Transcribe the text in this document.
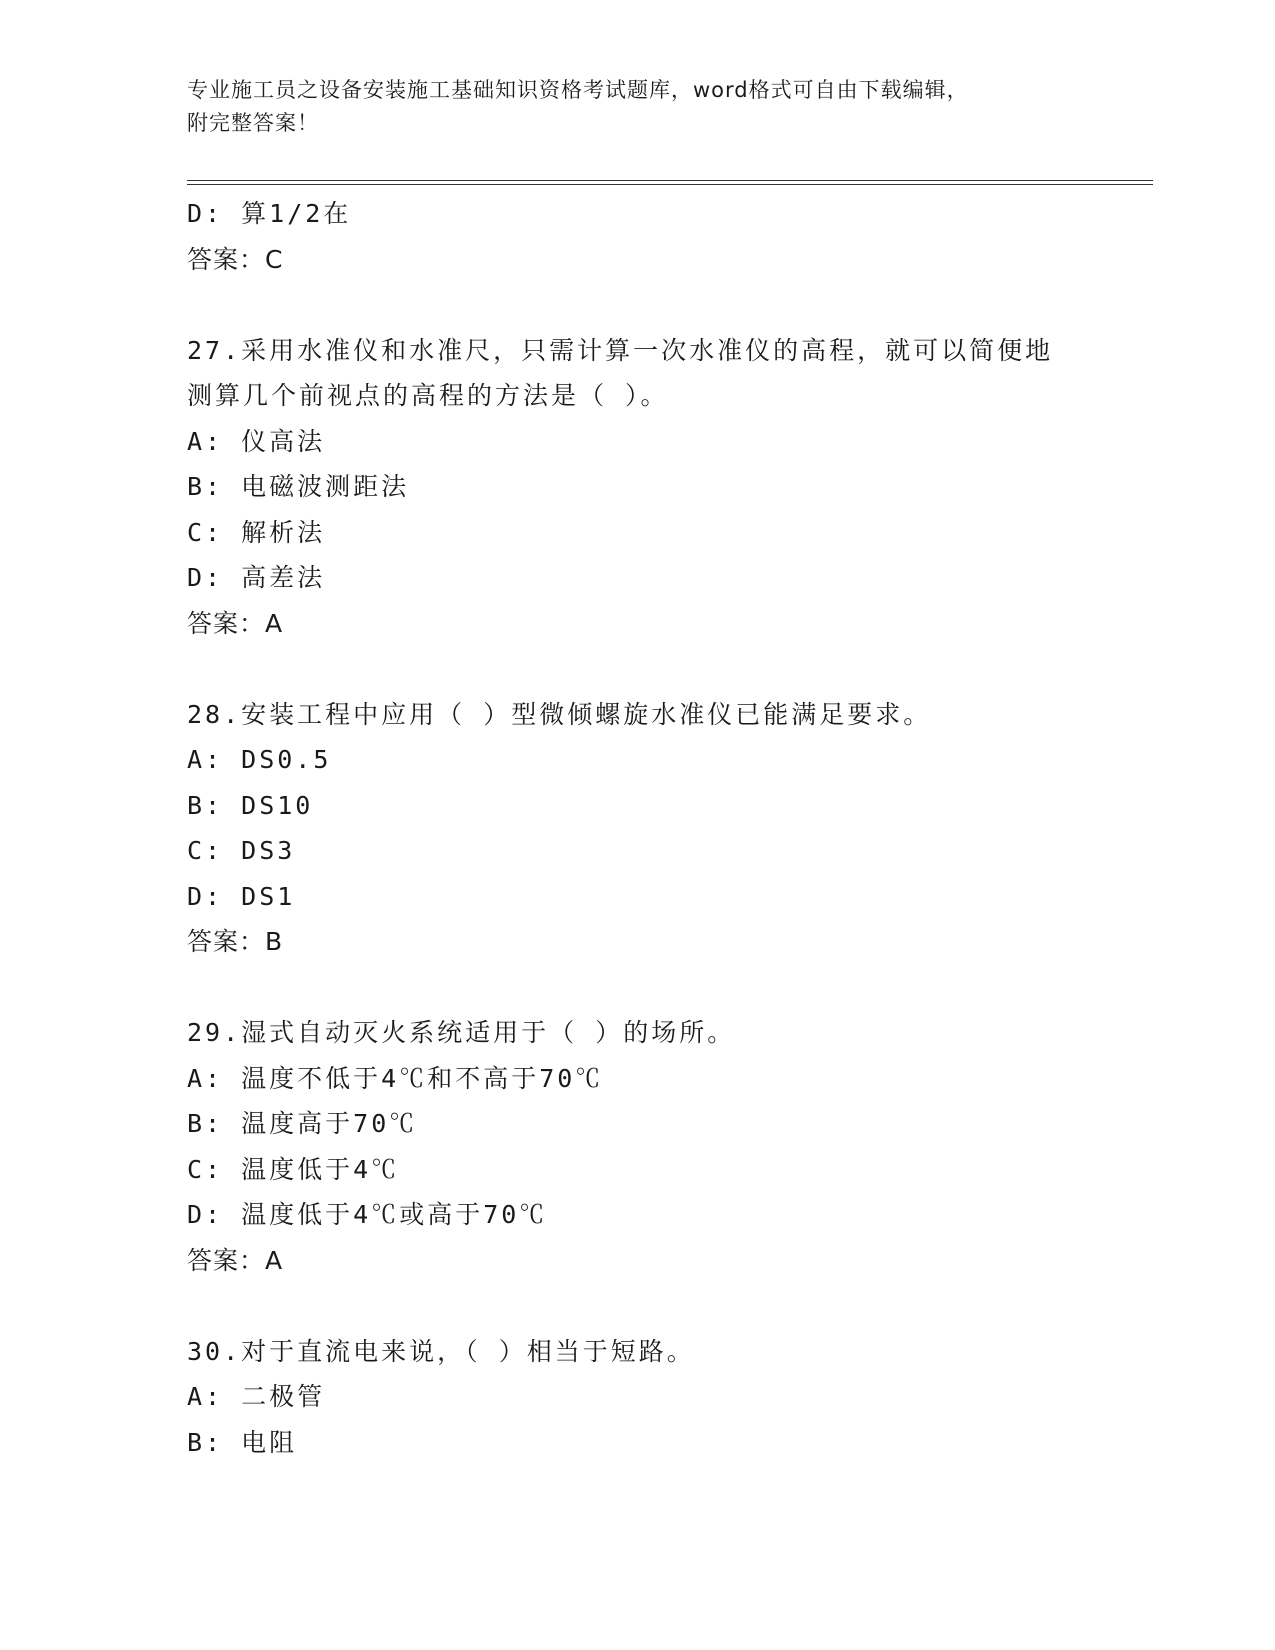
专业施工员之设备安装施工基础知识资格考试题库，word格式可自由下载编辑，
附完整答案！
D: 算1/2在
答案：C
27.采用水准仪和水准尺，只需计算一次水准仪的高程，就可以简便地
测算几个前视点的高程的方法是（ ）。
A: 仪高法
B: 电磁波测距法
C: 解析法
D: 高差法
答案：A
28.安装工程中应用（ ）型微倾螺旋水准仪已能满足要求。
A: DS0.5
B: DS10
C: DS3
D: DS1
答案：B
29.湿式自动灭火系统适用于（ ）的场所。
A: 温度不低于4℃和不高于70℃
B: 温度高于70℃
C: 温度低于4℃
D: 温度低于4℃或高于70℃
答案：A
30.对于直流电来说，（ ）相当于短路。
A: 二极管
B: 电阻
